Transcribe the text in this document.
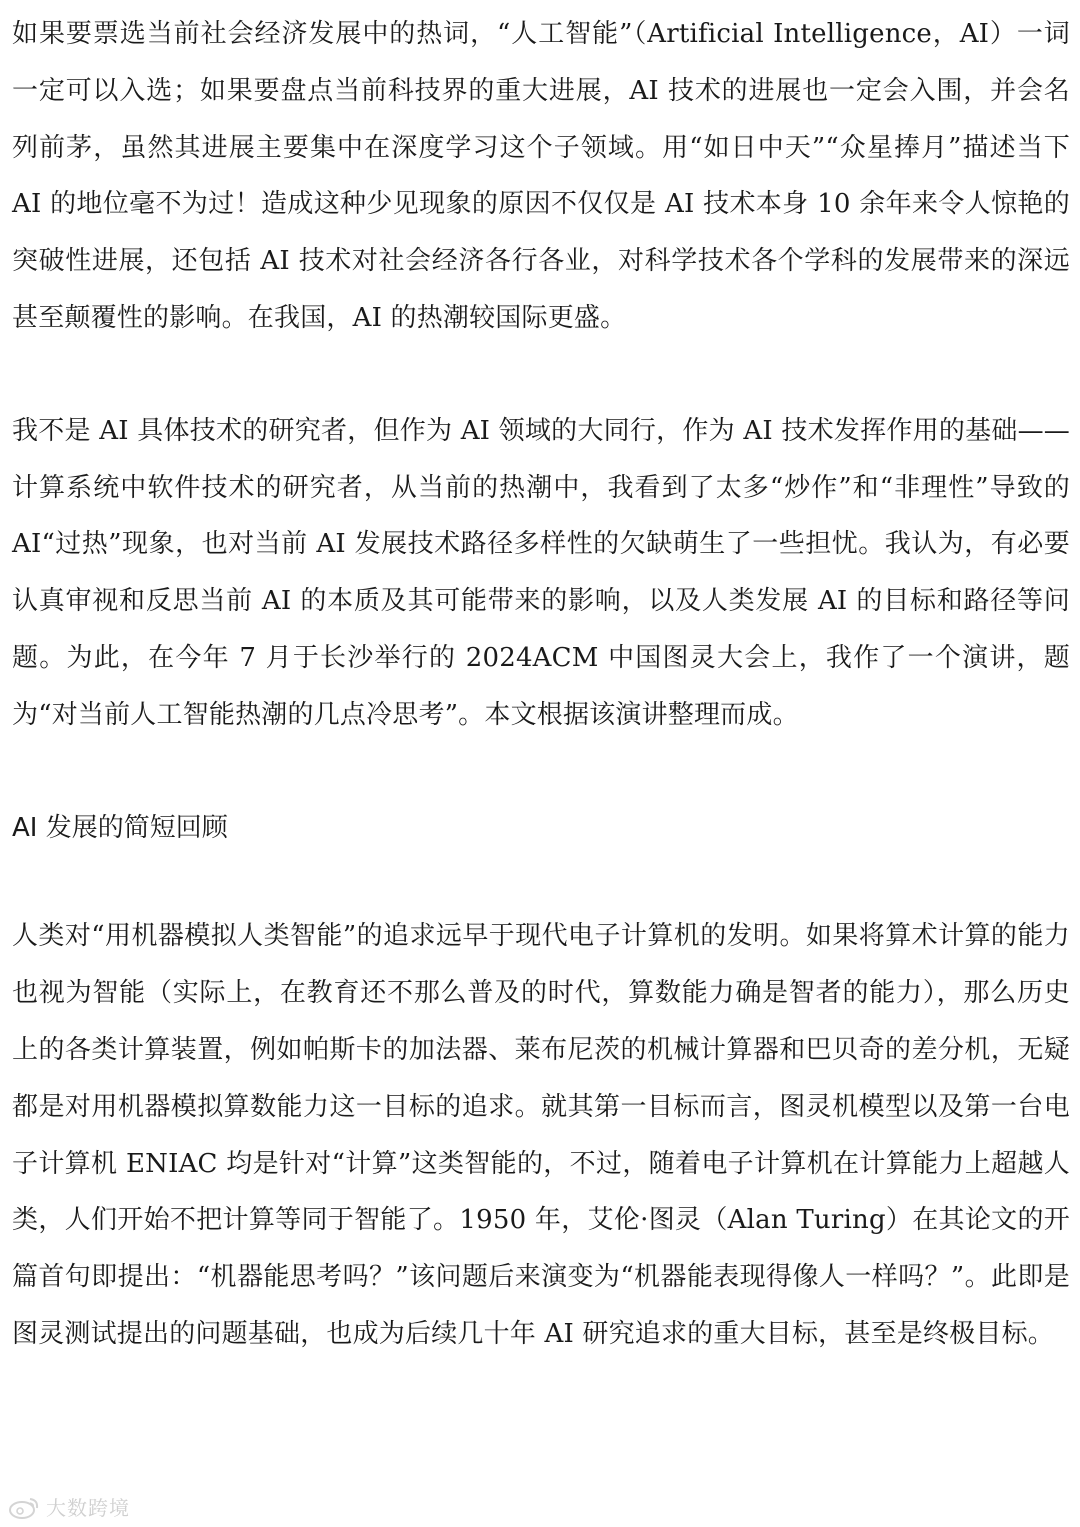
如果要票选当前社会经济发展中的热词，“人工智能”（Artificial Intelligence，AI）一词一定可以入选；如果要盘点当前科技界的重大进展，AI 技术的进展也一定会入围，并会名列前茅，虽然其进展主要集中在深度学习这个子领域。用“如日中天”“众星捧月”描述当下 AI 的地位毫不为过！造成这种少见现象的原因不仅仅是 AI 技术本身 10 余年来令人惊艳的突破性进展，还包括 AI 技术对社会经济各行各业，对科学技术各个学科的发展带来的深远甚至颠覆性的影响。在我国，AI 的热潮较国际更盛。

我不是 AI 具体技术的研究者，但作为 AI 领域的大同行，作为 AI 技术发挥作用的基础——计算系统中软件技术的研究者，从当前的热潮中，我看到了太多“炒作”和“非理性”导致的 AI“过热”现象，也对当前 AI 发展技术路径多样性的欠缺萌生了一些担忧。我认为，有必要认真审视和反思当前 AI 的本质及其可能带来的影响，以及人类发展 AI 的目标和路径等问题。为此，在今年 7 月于长沙举行的 2024ACM 中国图灵大会上，我作了一个演讲，题为“对当前人工智能热潮的几点冷思考”。本文根据该演讲整理而成。

AI 发展的简短回顾

人类对“用机器模拟人类智能”的追求远早于现代电子计算机的发明。如果将算术计算的能力也视为智能（实际上，在教育还不那么普及的时代，算数能力确是智者的能力），那么历史上的各类计算装置，例如帕斯卡的加法器、莱布尼茨的机械计算器和巴贝奇的差分机，无疑都是对用机器模拟算数能力这一目标的追求。就其第一目标而言，图灵机模型以及第一台电子计算机 ENIAC 均是针对“计算”这类智能的，不过，随着电子计算机在计算能力上超越人类，人们开始不把计算等同于智能了。1950 年，艾伦·图灵（Alan Turing）在其论文的开篇首句即提出：“机器能思考吗？”该问题后来演变为“机器能表现得像人一样吗？”。此即是图灵测试提出的问题基础，也成为后续几十年 AI 研究追求的重大目标，甚至是终极目标。

大数跨境
